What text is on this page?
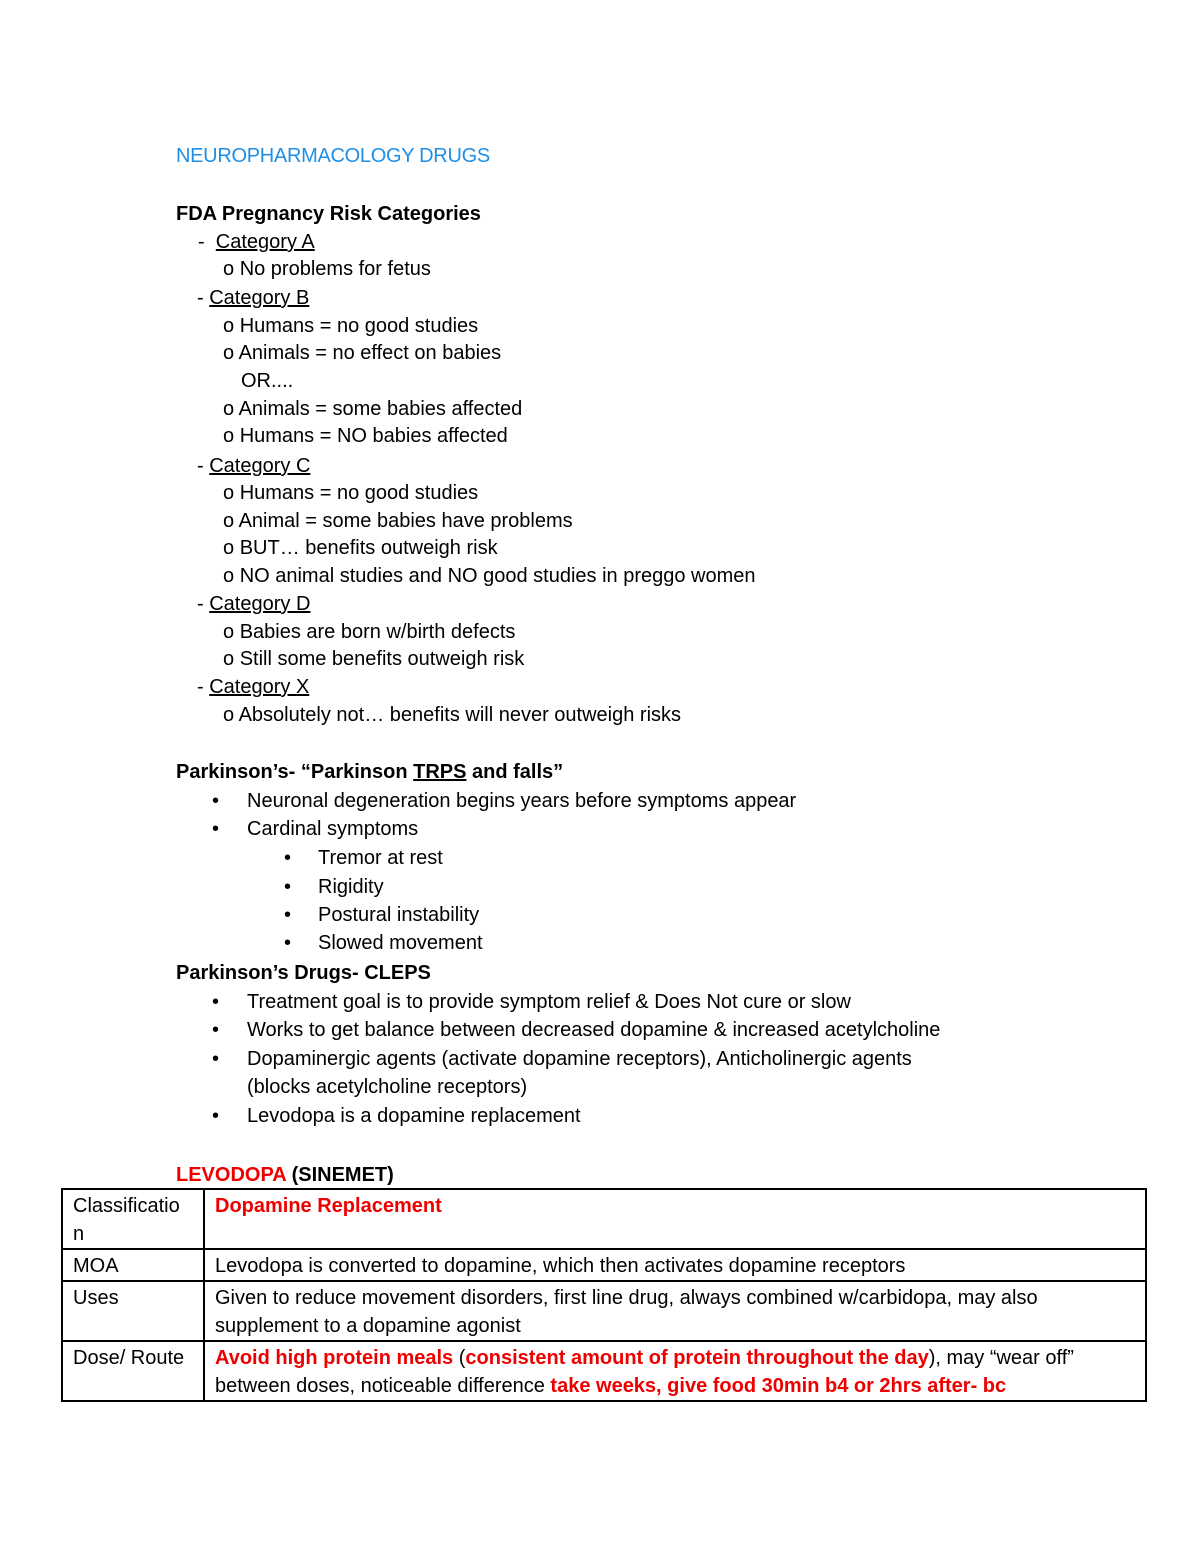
NEUROPHARMACOLOGY DRUGS
FDA Pregnancy Risk Categories
- Category A
o No problems for fetus
- Category B
o Humans = no good studies
o Animals = no effect on babies
OR....
o Animals = some babies affected
o Humans = NO babies affected
- Category C
o Humans = no good studies
o Animal = some babies have problems
o BUT… benefits outweigh risk
o NO animal studies and NO good studies in preggo women
- Category D
o Babies are born w/birth defects
o Still some benefits outweigh risk
- Category X
o Absolutely not… benefits will never outweigh risks
Parkinson’s- “Parkinson TRPS and falls”
• Neuronal degeneration begins years before symptoms appear
• Cardinal symptoms
• Tremor at rest
• Rigidity
• Postural instability
• Slowed movement
Parkinson’s Drugs- CLEPS
• Treatment goal is to provide symptom relief & Does Not cure or slow
• Works to get balance between decreased dopamine & increased acetylcholine
• Dopaminergic agents (activate dopamine receptors), Anticholinergic agents
(blocks acetylcholine receptors)
• Levodopa is a dopamine replacement
LEVODOPA (SINEMET)
Classificatio
n	Dopamine Replacement
MOA	Levodopa is converted to dopamine, which then activates dopamine receptors
Uses	Given to reduce movement disorders, first line drug, always combined w/carbidopa, may also
supplement to a dopamine agonist
Dose/ Route	Avoid high protein meals (consistent amount of protein throughout the day), may “wear off”
between doses, noticeable difference take weeks, give food 30min b4 or 2hrs after- bc
